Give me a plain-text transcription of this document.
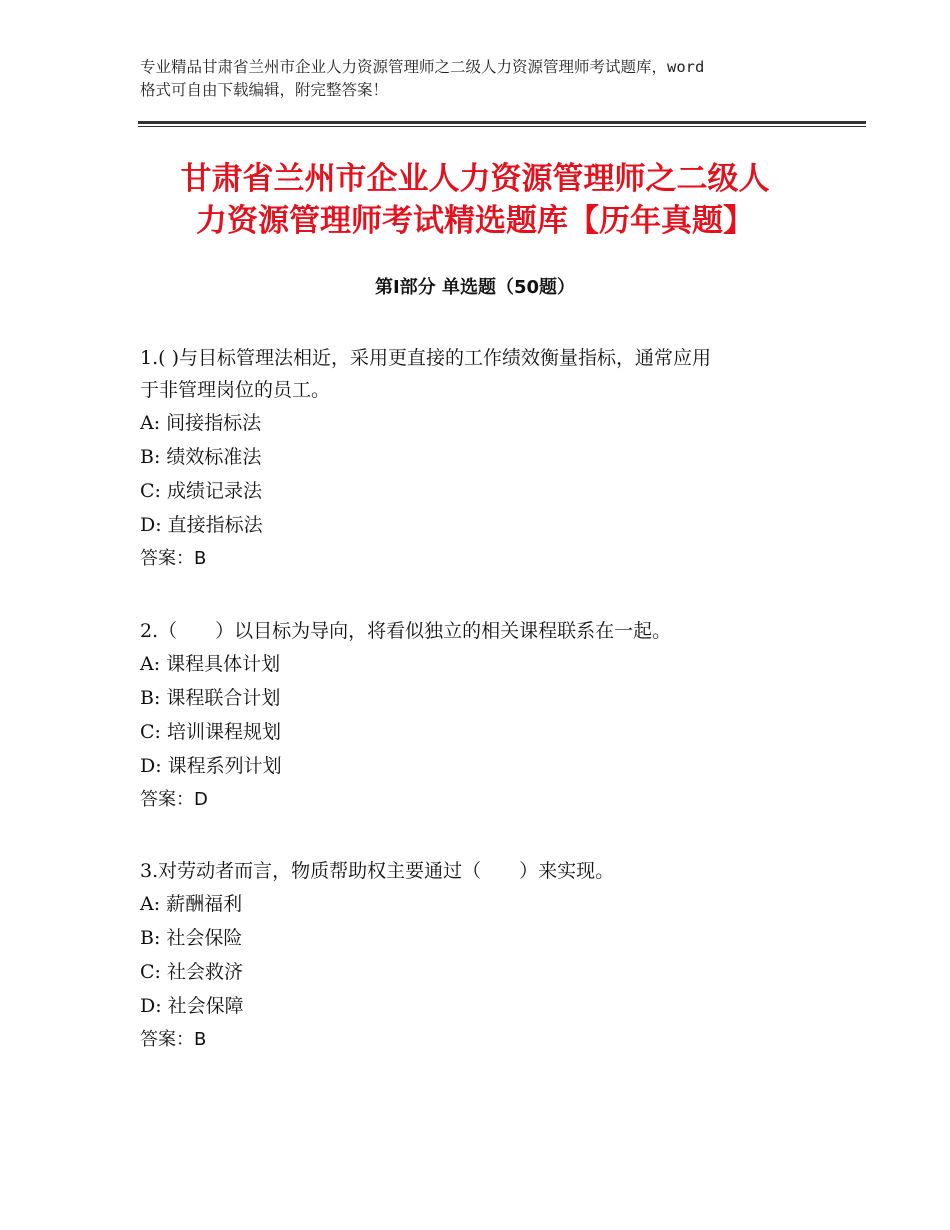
专业精品甘肃省兰州市企业人力资源管理师之二级人力资源管理师考试题库，word
格式可自由下载编辑，附完整答案！
甘肃省兰州市企业人力资源管理师之二级人
力资源管理师考试精选题库【历年真题】
第Ⅰ部分 单选题（50题）
1.( )与目标管理法相近，采用更直接的工作绩效衡量指标，通常应用
于非管理岗位的员工。
A: 间接指标法
B: 绩效标准法
C: 成绩记录法
D: 直接指标法
答案：B
2.（　　）以目标为导向，将看似独立的相关课程联系在一起。
A: 课程具体计划
B: 课程联合计划
C: 培训课程规划
D: 课程系列计划
答案：D
3.对劳动者而言，物质帮助权主要通过（　　）来实现。
A: 薪酬福利
B: 社会保险
C: 社会救济
D: 社会保障
答案：B
